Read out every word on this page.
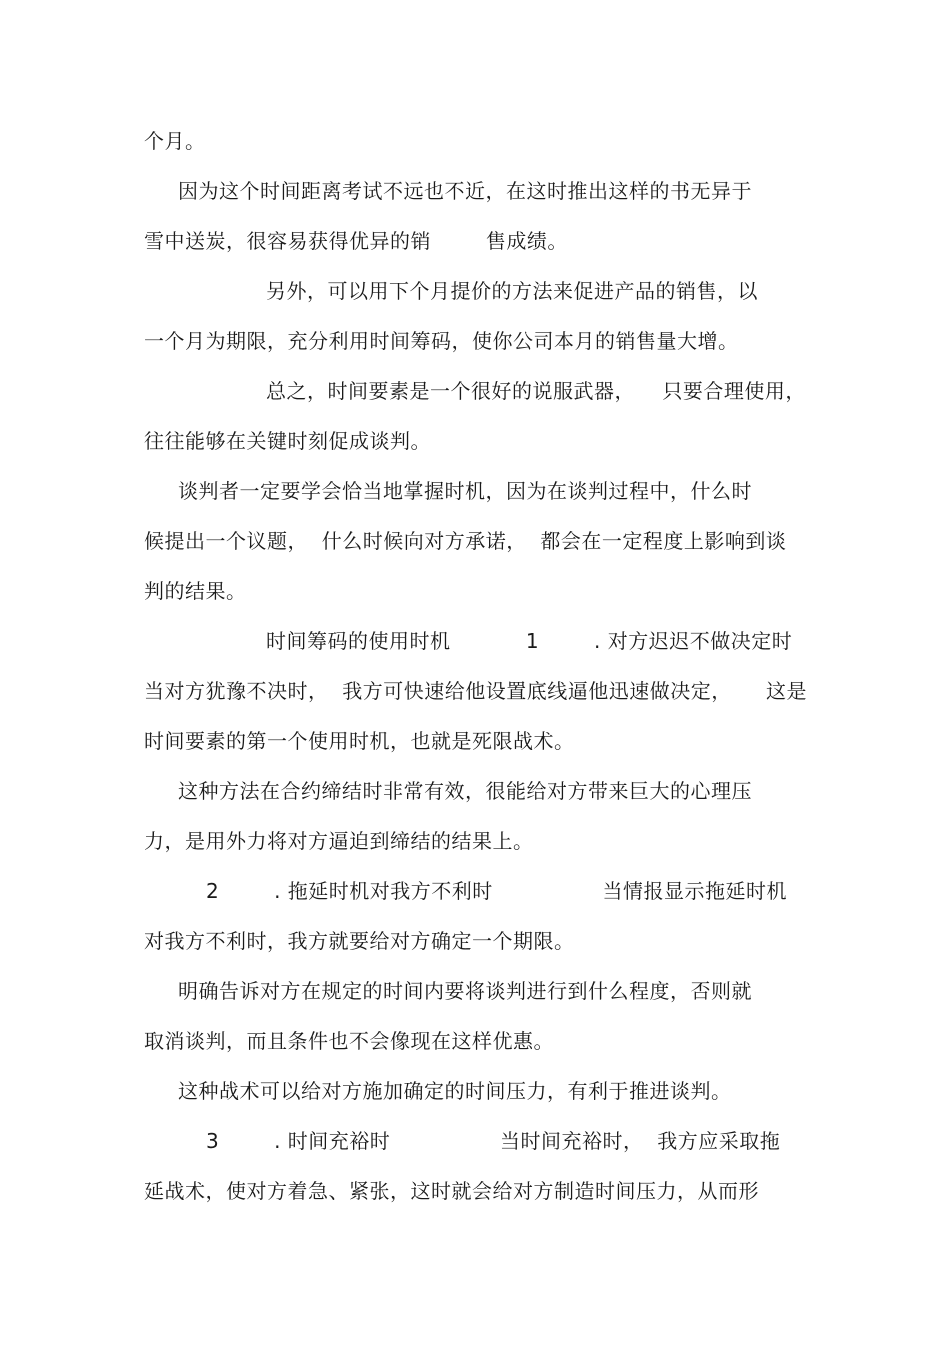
个月。
因为这个时间距离考试不远也不近，在这时推出这样的书无异于
雪中送炭，很容易获得优异的销        售成绩。
另外，可以用下个月提价的方法来促进产品的销售，以
一个月为期限，充分利用时间筹码，使你公司本月的销售量大增。
总之，时间要素是一个很好的说服武器，    只要合理使用，
往往能够在关键时刻促成谈判。
谈判者一定要学会恰当地掌握时机，因为在谈判过程中，什么时
候提出一个议题，  什么时候向对方承诺，  都会在一定程度上影响到谈
判的结果。
时间筹码的使用时机           1        . 对方迟迟不做决定时
当对方犹豫不决时，  我方可快速给他设置底线逼他迅速做决定，     这是
时间要素的第一个使用时机，也就是死限战术。
这种方法在合约缔结时非常有效，很能给对方带来巨大的心理压
力，是用外力将对方逼迫到缔结的结果上。
2        . 拖延时机对我方不利时                当情报显示拖延时机
对我方不利时，我方就要给对方确定一个期限。
明确告诉对方在规定的时间内要将谈判进行到什么程度，否则就
取消谈判，而且条件也不会像现在这样优惠。
这种战术可以给对方施加确定的时间压力，有利于推进谈判。
3        . 时间充裕时                当时间充裕时，  我方应采取拖
延战术，使对方着急、紧张，这时就会给对方制造时间压力，从而形
